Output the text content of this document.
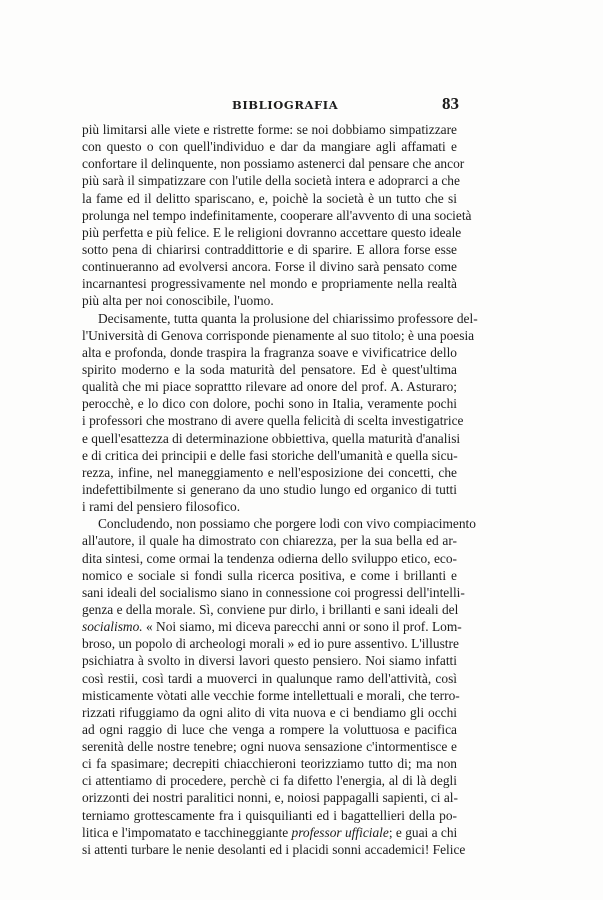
BIBLIOGRAFIA	83
più limitarsi alle viete e ristrette forme: se noi dobbiamo simpatizzare
con questo o con quell'individuo e dar da mangiare agli affamati e
confortare il delinquente, non possiamo astenerci dal pensare che ancor
più sarà il simpatizzare con l'utile della società intera e adoprarci a che
la fame ed il delitto spariscano, e, poichè la società è un tutto che si
prolunga nel tempo indefinitamente, cooperare all'avvento di una società
più perfetta e più felice. E le religioni dovranno accettare questo ideale
sotto pena di chiarirsi contraddittorie e di sparire. E allora forse esse
continueranno ad evolversi ancora. Forse il divino sarà pensato come
incarnantesi progressivamente nel mondo e propriamente nella realtà
più alta per noi conoscibile, l'uomo.
Decisamente, tutta quanta la prolusione del chiarissimo professore del-
l'Università di Genova corrisponde pienamente al suo titolo; è una poesia
alta e profonda, donde traspira la fragranza soave e vivificatrice dello
spirito moderno e la soda maturità del pensatore. Ed è quest'ultima
qualità che mi piace soprattto rilevare ad onore del prof. A. Asturaro;
perocchè, e lo dico con dolore, pochi sono in Italia, veramente pochi
i professori che mostrano di avere quella felicità di scelta investigatrice
e quell'esattezza di determinazione obbiettiva, quella maturità d'analisi
e di critica dei principii e delle fasi storiche dell'umanità e quella sicu-
rezza, infine, nel maneggiamento e nell'esposizione dei concetti, che
indefettibilmente si generano da uno studio lungo ed organico di tutti
i rami del pensiero filosofico.
Concludendo, non possiamo che porgere lodi con vivo compiacimento
all'autore, il quale ha dimostrato con chiarezza, per la sua bella ed ar-
dita sintesi, come ormai la tendenza odierna dello sviluppo etico, eco-
nomico e sociale si fondi sulla ricerca positiva, e come i brillanti e
sani ideali del socialismo siano in connessione coi progressi dell'intelli-
genza e della morale. Sì, conviene pur dirlo, i brillanti e sani ideali del
socialismo. « Noi siamo, mi diceva parecchi anni or sono il prof. Lom-
broso, un popolo di archeologi morali » ed io pure assentivo. L'illustre
psichiatra à svolto in diversi lavori questo pensiero. Noi siamo infatti
così restii, così tardi a muoverci in qualunque ramo dell'attività, così
misticamente vòtati alle vecchie forme intellettuali e morali, che terro-
rizzati rifuggiamo da ogni alito di vita nuova e ci bendiamo gli occhi
ad ogni raggio di luce che venga a rompere la voluttuosa e pacifica
serenità delle nostre tenebre; ogni nuova sensazione c'intormentisce e
ci fa spasimare; decrepiti chiacchieroni teorizziamo tutto di; ma non
ci attentiamo di procedere, perchè ci fa difetto l'energia, al di là degli
orizzonti dei nostri paralitici nonni, e, noiosi pappagalli sapienti, ci al-
terniamo grottescamente fra i quisquilianti ed i bagattellieri della po-
litica e l'impomatato e tacchineggiante professor ufficiale; e guai a chi
si attenti turbare le nenie desolanti ed i placidi sonni accademici! Felice
